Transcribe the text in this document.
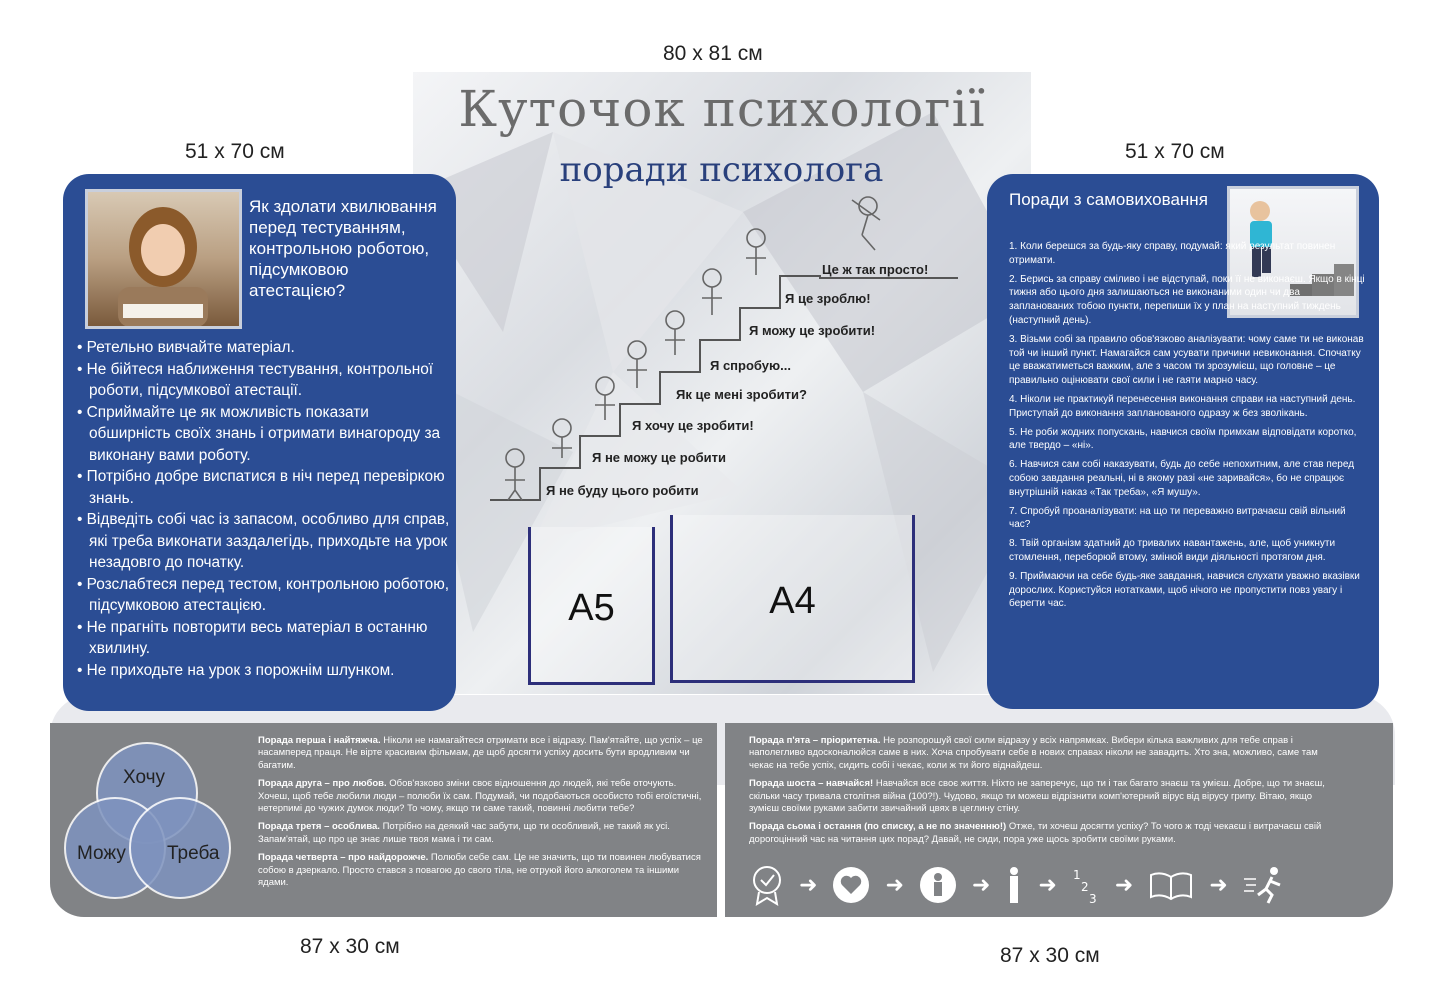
80 x 81 см
51 x 70 см	51 x 70 см
87 x 30 см	87 x 30 см
Куточок психології
поради психолога
Це ж так просто!
Я це зроблю!
Я можу це зробити!
Я спробую...
Як це мені зробити?
Я хочу це зробити!
Я не можу це робити
Я не буду цього робити
A5	A4
Як здолати хвилювання перед тестуванням, контрольною роботою, підсумковою атестацією?
• Ретельно вивчайте матеріал.
• Не бійтеся наближення тестування, контрольної роботи, підсумкової атестації.
• Сприймайте це як можливість показати обширність своїх знань і отримати винагороду за виконану вами роботу.
• Потрібно добре виспатися в ніч перед перевіркою знань.
• Відведіть собі час із запасом, особливо для справ, які треба виконати заздалегідь, приходьте на урок незадовго до початку.
• Розслабтеся перед тестом, контрольною роботою, підсумковою атестацією.
• Не прагніть повторити весь матеріал в останню хвилину.
• Не приходьте на урок з порожнім шлунком.
Поради з самовиховання

1. Коли берешся за будь-яку справу, подумай: який результат повинен отримати.

2. Берись за справу сміливо і не відступай, поки її не виконаєш. Якщо в кінці тижня або цього дня залишаються не виконаними один чи два запланованих тобою пункти, перепиши їх у план на наступний тиждень (наступний день).

3. Візьми собі за правило обов'язково аналізувати: чому саме ти не виконав той чи інший пункт. Намагайся сам усувати причини невиконання. Спочатку це вважатиметься важким, але з часом ти зрозумієш, що головне – це правильно оцінювати свої сили і не гаяти марно часу.

4. Ніколи не практикуй перенесення виконання справи на наступний день. Приступай до виконання запланованого одразу ж без зволікань.

5. Не роби жодних попускань, навчися своїм примхам відповідати коротко, але твердо – «ні».

6. Навчися сам собі наказувати, будь до себе непохитним, але став перед собою завдання реальні, ні в якому разі «не заривайся», бо не спрацює внутрішній наказ «Так треба», «Я мушу».

7. Спробуй проаналізувати: на що ти переважно витрачаєш свій вільний час?

8. Твій організм здатний до тривалих навантажень, але, щоб уникнути стомлення, переборюй втому, змінюй види діяльності протягом дня.

9. Приймаючи на себе будь-яке завдання, навчися слухати уважно вказівки дорослих. Користуйся нотатками, щоб нічого не пропустити повз увагу і берегти час.

Хочу
Можу Треба

Порада перша і найтяжча. Ніколи не намагайтеся отримати все і відразу. Пам'ятайте, що успіх – це насамперед праця. Не вірте красивим фільмам, де щоб досягти успіху досить бути вродливим чи багатим.

Порада друга – про любов. Обов'язково зміни своє відношення до людей, які тебе оточують. Хочеш, щоб тебе любили люди – полюби їх сам. Подумай, чи подобаються особисто тобі егоїстичні, нетерпимі до чужих думок люди? То чому, якщо ти саме такий, повинні любити тебе?

Порада третя – особлива. Потрібно на деякий час забути, що ти особливий, не такий як усі. Запам'ятай, що про це знає лише твоя мама і ти сам.

Порада четверта – про найдорожче. Полюби себе сам. Це не значить, що ти повинен любуватися собою в дзеркало. Просто стався з повагою до свого тіла, не отруюй його алкоголем та іншими ядами.

Порада п'ята – пріоритетна. Не розпорошуй свої сили відразу у всіх напрямках. Вибери кілька важливих для тебе справ і наполегливо вдосконалюйся саме в них. Хоча спробувати себе в нових справах ніколи не завадить. Хто зна, можливо, саме там чекає на тебе успіх, сидить собі і чекає, коли ж ти його віднайдеш.

Порада шоста – навчайся! Навчайся все своє життя. Ніхто не заперечує, що ти і так багато знаєш та умієш. Добре, що ти знаєш, скільки часу тривала столітня війна (100?!). Чудово, якщо ти можеш відрізнити комп'ютерний вірус від вірусу грипу. Вітаю, якщо зумієш своїми руками забити звичайний цвях в цеглину стіну.

Порада сьома і остання (по списку, а не по значенню!) Отже, ти хочеш досягти успіху? То чого ж тоді чекаєш і витрачаєш свій дорогоцінний час на читання цих порад? Давай, не сиди, пора уже щось зробити своїми руками.

➜	➜	➜ ➜ 1
2
3
➜	➜
